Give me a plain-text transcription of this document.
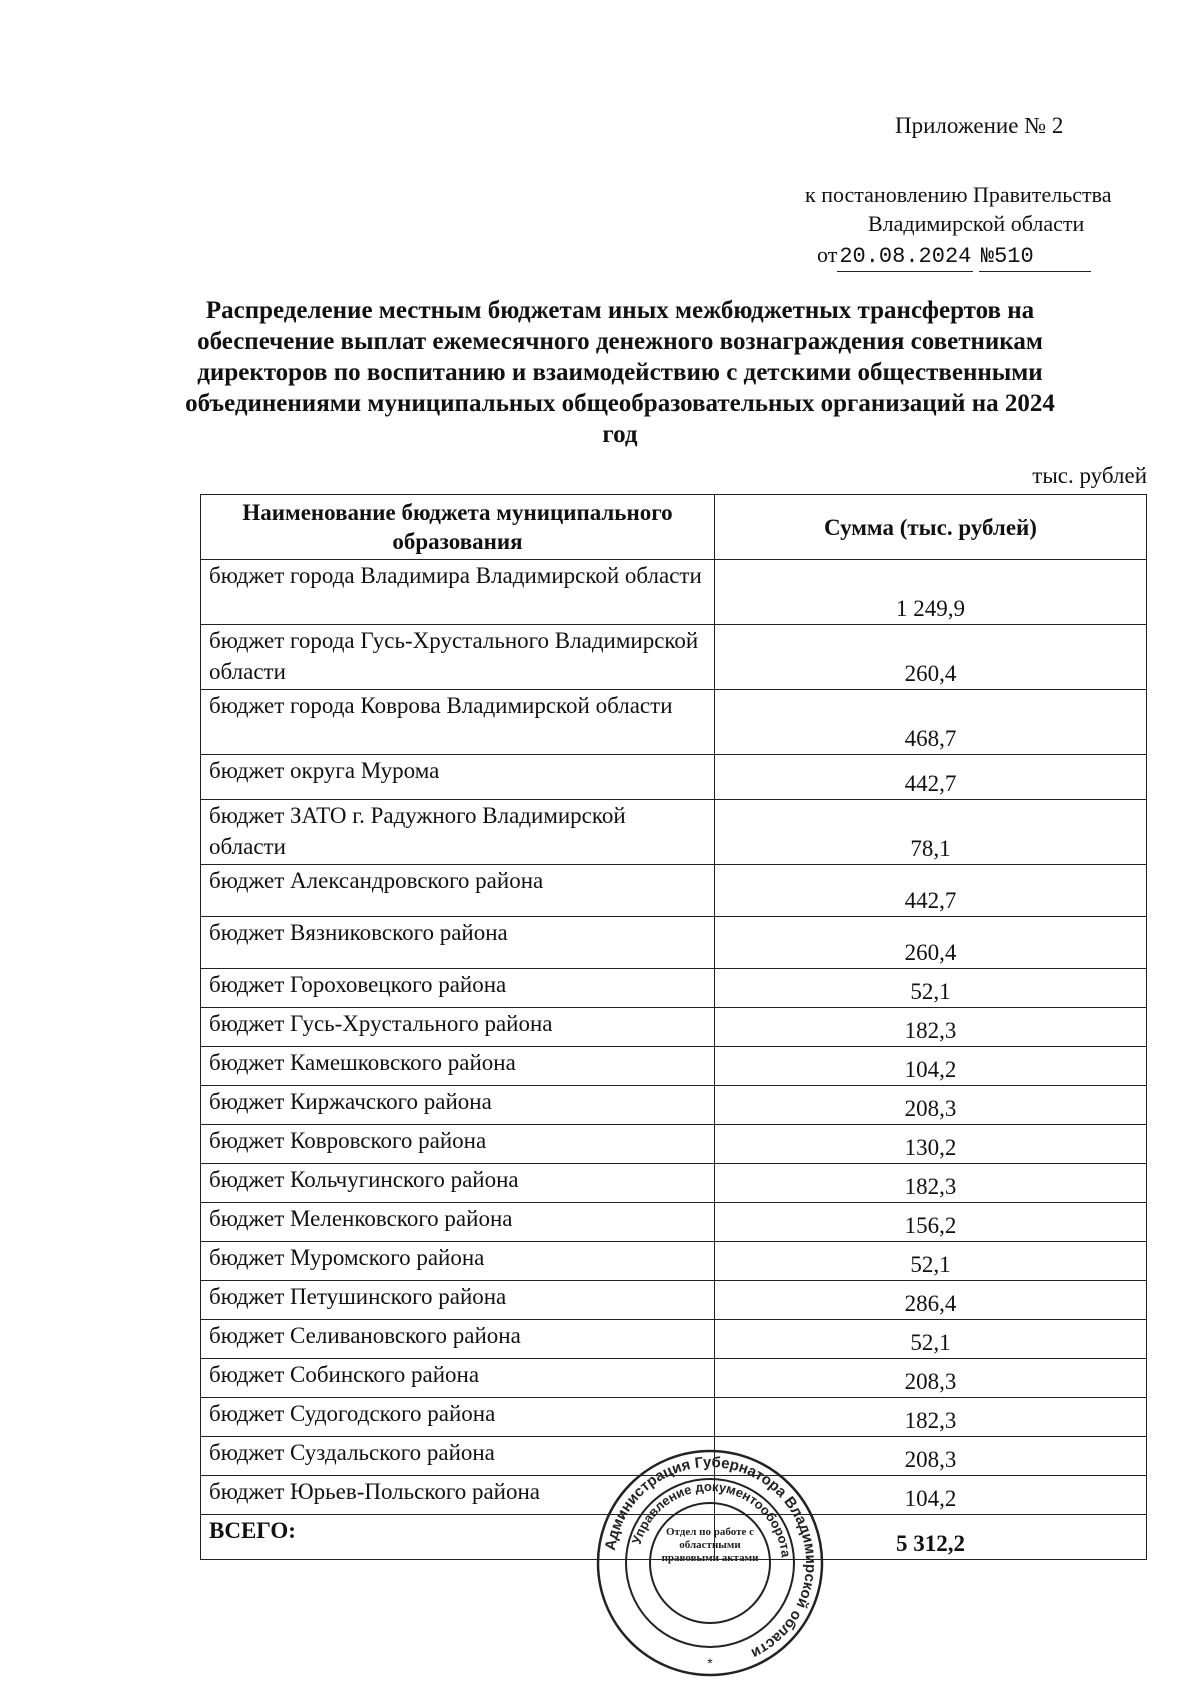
Приложение № 2
к постановлению Правительства
Владимирской области
от20.08.2024 №510
Распределение местным бюджетам иных межбюджетных трансфертов на обеспечение выплат ежемесячного денежного вознаграждения советникам директоров по воспитанию и взаимодействию с детскими общественными объединениями муниципальных общеобразовательных организаций на 2024 год
тыс. рублей
Наименование бюджета муниципального образования	Сумма (тыс. рублей)
бюджет города Владимира Владимирской области	1 249,9
бюджет города Гусь-Хрустального Владимирской области	260,4
бюджет города Коврова Владимирской области	468,7
бюджет округа Мурома	442,7
бюджет ЗАТО г. Радужного Владимирской области	78,1
бюджет Александровского района	442,7
бюджет Вязниковского района	260,4
бюджет Гороховецкого района	52,1
бюджет Гусь-Хрустального района	182,3
бюджет Камешковского района	104,2
бюджет Киржачского района	208,3
бюджет Ковровского района	130,2
бюджет Кольчугинского района	182,3
бюджет Меленковского района	156,2
бюджет Муромского района	52,1
бюджет Петушинского района	286,4
бюджет Селивановского района	52,1
бюджет Собинского района	208,3
бюджет Судогодского района	182,3
бюджет Суздальского района	208,3
бюджет Юрьев-Польского района	104,2
ВСЕГО:	5 312,2
Администрация Губернатора Владимирской области
Управление документооборота
Отдел по работе с областными правовыми актами
*
